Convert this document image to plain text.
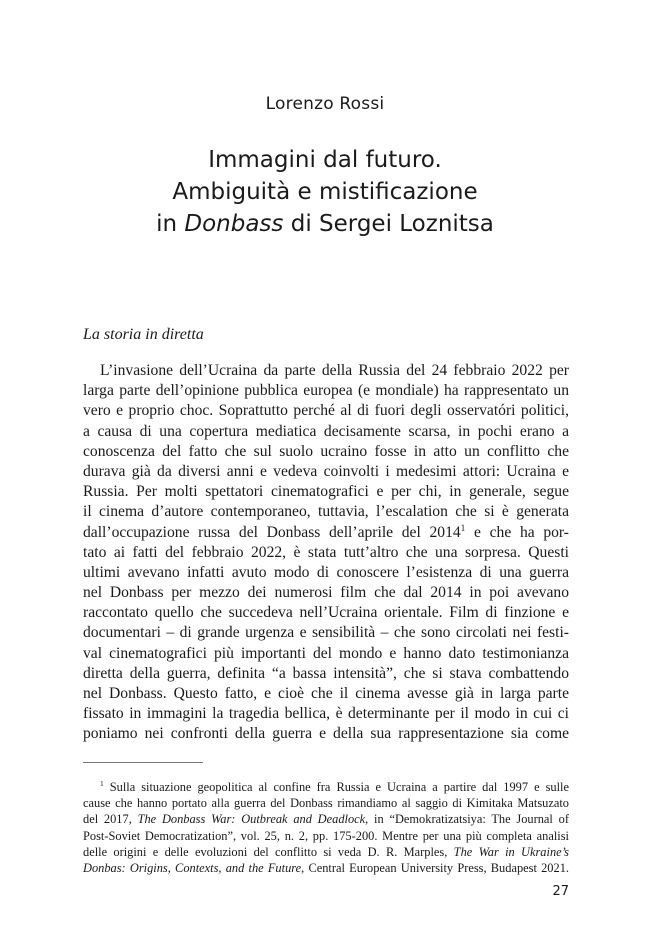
Lorenzo Rossi
Immagini dal futuro.
Ambiguità e mistificazione
in Donbass di Sergei Loznitsa
La storia in diretta
L’invasione dell’Ucraina da parte della Russia del 24 febbraio 2022 per
larga parte dell’opinione pubblica europea (e mondiale) ha rappresentato un
vero e proprio choc. Soprattutto perché al di fuori degli osservatóri politici,
a causa di una copertura mediatica decisamente scarsa, in pochi erano a
conoscenza del fatto che sul suolo ucraino fosse in atto un conflitto che
durava già da diversi anni e vedeva coinvolti i medesimi attori: Ucraina e
Russia. Per molti spettatori cinematografici e per chi, in generale, segue
il cinema d’autore contemporaneo, tuttavia, l’escalation che si è generata
dall’occupazione russa del Donbass dell’aprile del 2014$^1$ e che ha por-
tato ai fatti del febbraio 2022, è stata tutt’altro che una sorpresa. Questi
ultimi avevano infatti avuto modo di conoscere l’esistenza di una guerra
nel Donbass per mezzo dei numerosi film che dal 2014 in poi avevano
raccontato quello che succedeva nell’Ucraina orientale. Film di finzione e
documentari – di grande urgenza e sensibilità – che sono circolati nei festi-
val cinematografici più importanti del mondo e hanno dato testimonianza
diretta della guerra, definita “a bassa intensità”, che si stava combattendo
nel Donbass. Questo fatto, e cioè che il cinema avesse già in larga parte
fissato in immagini la tragedia bellica, è determinante per il modo in cui ci
poniamo nei confronti della guerra e della sua rappresentazione sia come
$^1$ Sulla situazione geopolitica al confine fra Russia e Ucraina a partire dal 1997 e sulle
cause che hanno portato alla guerra del Donbass rimandiamo al saggio di Kimitaka Matsuzato
del 2017, The Donbass War: Outbreak and Deadlock, in “Demokratizatsiya: The Journal of
Post-Soviet Democratization”, vol. 25, n. 2, pp. 175-200. Mentre per una più completa analisi
delle origini e delle evoluzioni del conflitto si veda D. R. Marples, The War in Ukraine’s
Donbas: Origins, Contexts, and the Future, Central European University Press, Budapest 2021.
27
